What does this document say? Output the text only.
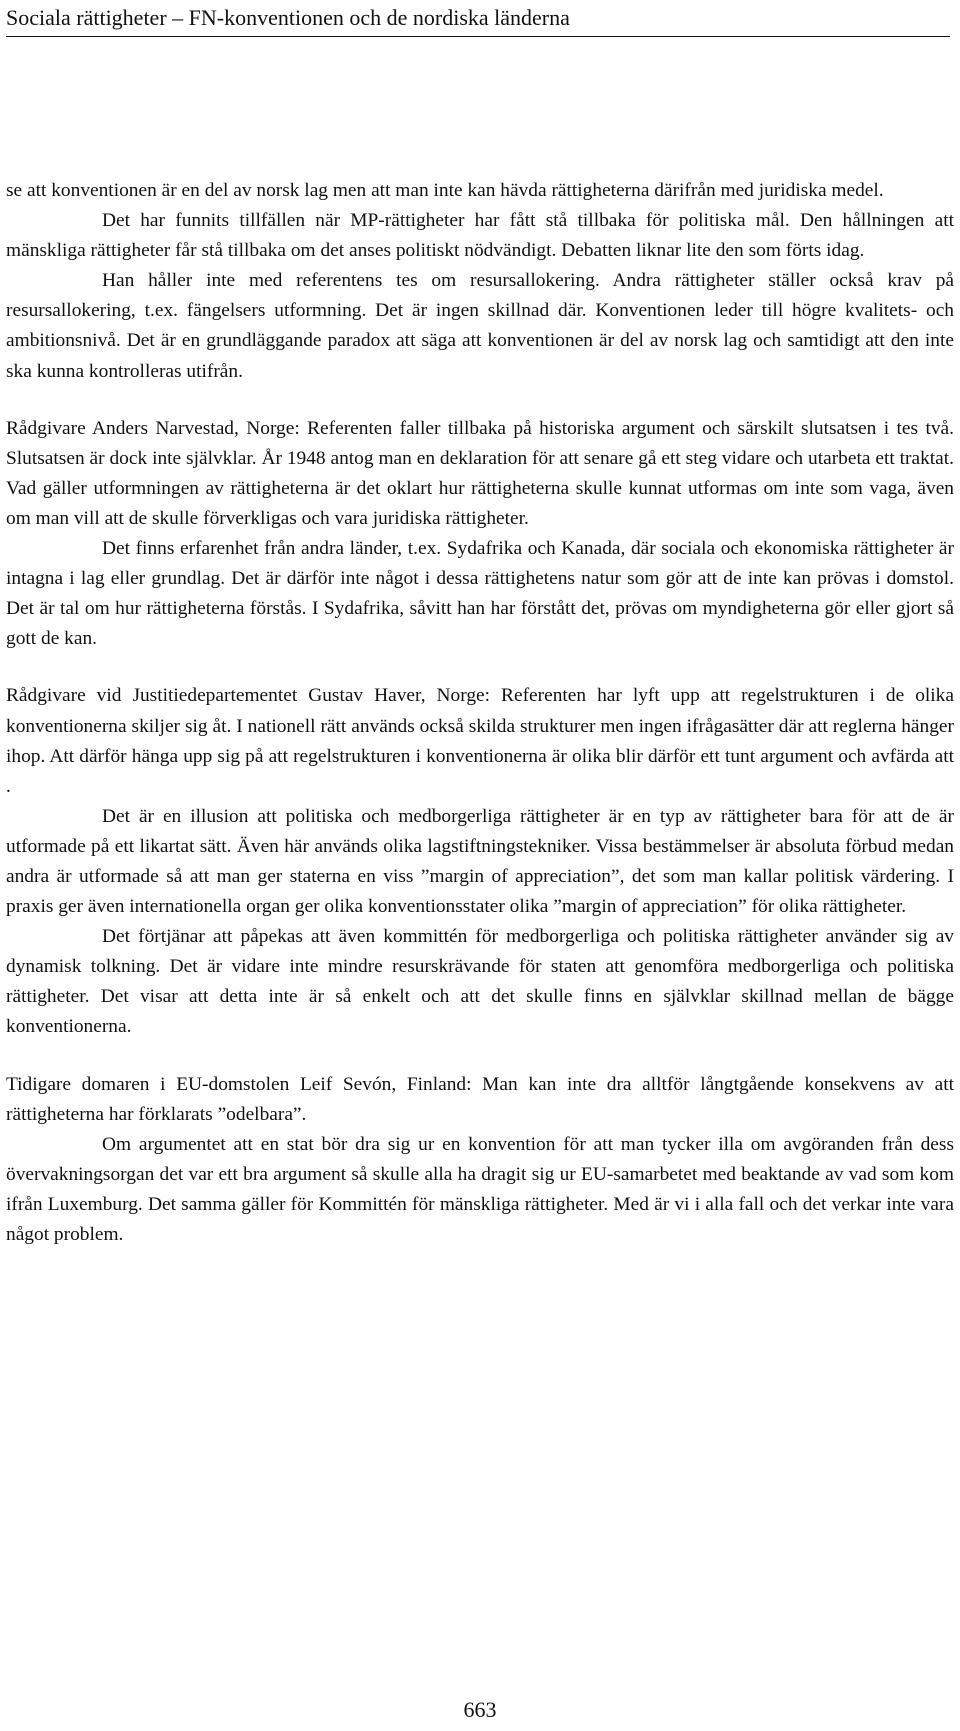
Sociala rättigheter – FN-konventionen och de nordiska länderna

se att konventionen är en del av norsk lag men att man inte kan hävda rättigheterna därifrån med juridiska medel.

Det har funnits tillfällen när MP-rättigheter har fått stå tillbaka för politiska mål. Den hållningen att mänskliga rättigheter får stå tillbaka om det anses politiskt nödvändigt. Debatten liknar lite den som förts idag.

Han håller inte med referentens tes om resursallokering. Andra rättigheter ställer också krav på resursallokering, t.ex. fängelsers utformning. Det är ingen skillnad där. Konventionen leder till högre kvalitets- och ambitionsnivå. Det är en grundläggande paradox att säga att konventionen är del av norsk lag och samtidigt att den inte ska kunna kontrolleras utifrån.

Rådgivare Anders Narvestad, Norge: Referenten faller tillbaka på historiska argument och särskilt slutsatsen i tes två. Slutsatsen är dock inte självklar. År 1948 antog man en deklaration för att senare gå ett steg vidare och utarbeta ett traktat. Vad gäller utformningen av rättigheterna är det oklart hur rättigheterna skulle kunnat utformas om inte som vaga, även om man vill att de skulle förverkligas och vara juridiska rättigheter.

Det finns erfarenhet från andra länder, t.ex. Sydafrika och Kanada, där sociala och ekonomiska rättigheter är intagna i lag eller grundlag. Det är därför inte något i dessa rättighetens natur som gör att de inte kan prövas i domstol. Det är tal om hur rättigheterna förstås. I Sydafrika, såvitt han har förstått det, prövas om myndigheterna gör eller gjort så gott de kan.

Rådgivare vid Justitiedepartementet Gustav Haver, Norge: Referenten har lyft upp att regelstrukturen i de olika konventionerna skiljer sig åt. I nationell rätt används också skilda strukturer men ingen ifrågasätter där att reglerna hänger ihop. Att därför hänga upp sig på att regelstrukturen i konventionerna är olika blir därför ett tunt argument och avfärda att .

Det är en illusion att politiska och medborgerliga rättigheter är en typ av rättigheter bara för att de är utformade på ett likartat sätt. Även här används olika lagstiftningstekniker. Vissa bestämmelser är absoluta förbud medan andra är utformade så att man ger staterna en viss ”margin of appreciation”, det som man kallar politisk värdering. I praxis ger även internationella organ ger olika konventionsstater olika ”margin of appreciation” för olika rättigheter.

Det förtjänar att påpekas att även kommittén för medborgerliga och politiska rättigheter använder sig av dynamisk tolkning. Det är vidare inte mindre resurskrävande för staten att genomföra medborgerliga och politiska rättigheter. Det visar att detta inte är så enkelt och att det skulle finns en självklar skillnad mellan de bägge konventionerna.

Tidigare domaren i EU-domstolen Leif Sevón, Finland: Man kan inte dra alltför långtgående konsekvens av att rättigheterna har förklarats ”odelbara”.

Om argumentet att en stat bör dra sig ur en konvention för att man tycker illa om avgöranden från dess övervakningsorgan det var ett bra argument så skulle alla ha dragit sig ur EU-samarbetet med beaktande av vad som kom ifrån Luxemburg. Det samma gäller för Kommittén för mänskliga rättigheter. Med är vi i alla fall och det verkar inte vara något problem.

663
